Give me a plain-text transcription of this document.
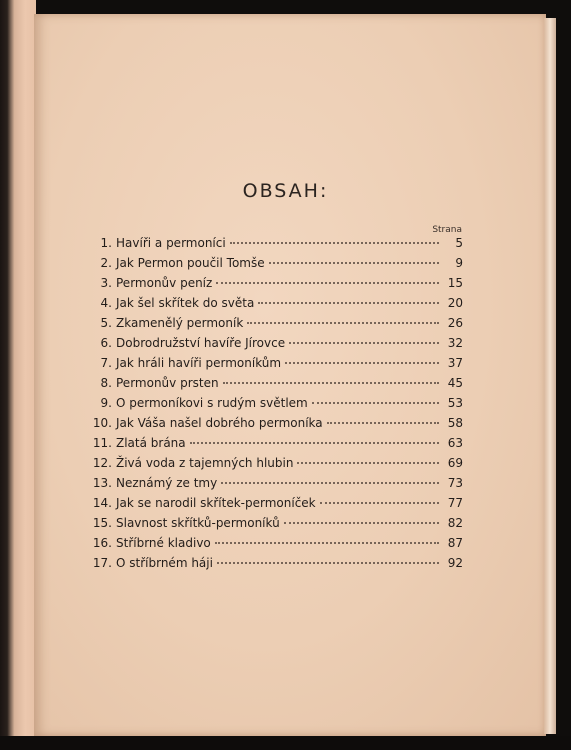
OBSAH:
Strana
1. Havíři a permoníci	5
2. Jak Permon poučil Tomše	9
3. Permonův peníz	15
4. Jak šel skřítek do světa	20
5. Zkamenělý permoník	26
6. Dobrodružství havíře Jírovce	32
7. Jak hráli havíři permoníkům	37
8. Permonův prsten	45
9. O permoníkovi s rudým světlem	53
10. Jak Váša našel dobrého permoníka	58
11. Zlatá brána	63
12. Živá voda z tajemných hlubin	69
13. Neznámý ze tmy	73
14. Jak se narodil skřítek-permoníček	77
15. Slavnost skřítků-permoníků	82
16. Stříbrné kladivo	87
17. O stříbrném háji	92
